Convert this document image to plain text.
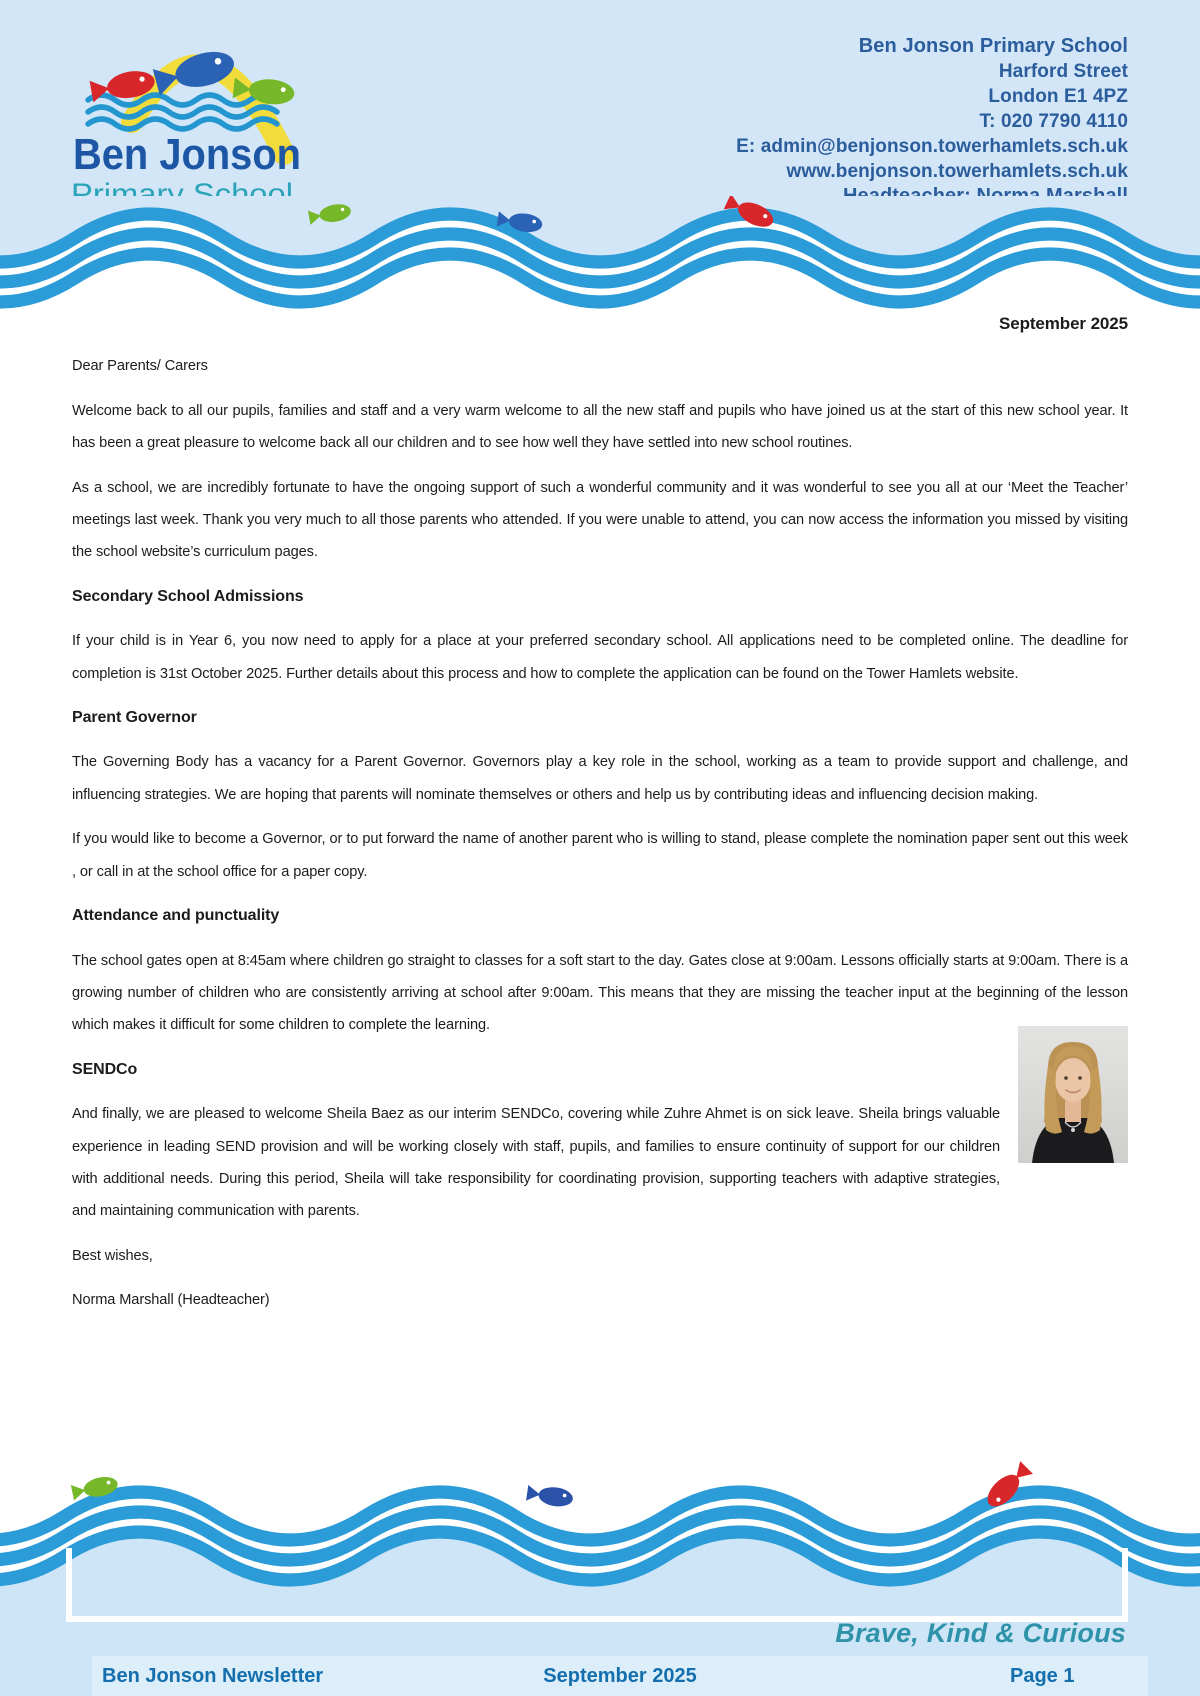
Ben Jonson
Primary School
Ben Jonson Primary School
Harford Street
London E1 4PZ
T: 020 7790 4110
E: admin@benjonson.towerhamlets.sch.uk
www.benjonson.towerhamlets.sch.uk
September 2025

Dear Parents/ Carers

Welcome back to all our pupils, families and staff and a very warm welcome to all the new staff and pupils who have joined us at the start of this new school year. It has been a great pleasure to welcome back all our children and to see how well they have settled into new school routines.

As a school, we are incredibly fortunate to have the ongoing support of such a wonderful community and it was wonderful to see you all at our ‘Meet the Teacher’ meetings last week. Thank you very much to all those parents who attended. If you were unable to attend, you can now access the information you missed by visiting the school website’s curriculum pages.

Secondary School Admissions

If your child is in Year 6, you now need to apply for a place at your preferred secondary school. All applications need to be completed online. The deadline for completion is 31st October 2025. Further details about this process and how to complete the application can be found on the Tower Hamlets website.

Parent Governor

The Governing Body has a vacancy for a Parent Governor. Governors play a key role in the school, working as a team to provide support and challenge, and influencing strategies. We are hoping that parents will nominate themselves or others and help us by contributing ideas and influencing decision making.

If you would like to become a Governor, or to put forward the name of another parent who is willing to stand, please complete the nomination paper sent out this week , or call in at the school office for a paper copy.

Attendance and punctuality

The school gates open at 8:45am where children go straight to classes for a soft start to the day. Gates close at 9:00am. Lessons officially starts at 9:00am. There is a growing number of children who are consistently arriving at school after 9:00am. This means that they are missing the teacher input at the beginning of the lesson which makes it difficult for some children to complete the learning.

SENDCo

And finally, we are pleased to welcome Sheila Baez as our interim SENDCo, covering while Zuhre Ahmet is on sick leave. Sheila brings valuable experience in leading SEND provision and will be working closely with staff, pupils, and families to ensure continuity of support for our children with additional needs. During this period, Sheila will take responsibility for coordinating provision, supporting teachers with adaptive strategies, and maintaining communication with parents.

Best wishes,

Norma Marshall (Headteacher)

Brave, Kind & Curious
Ben Jonson Newsletter	September 2025	Page 1
